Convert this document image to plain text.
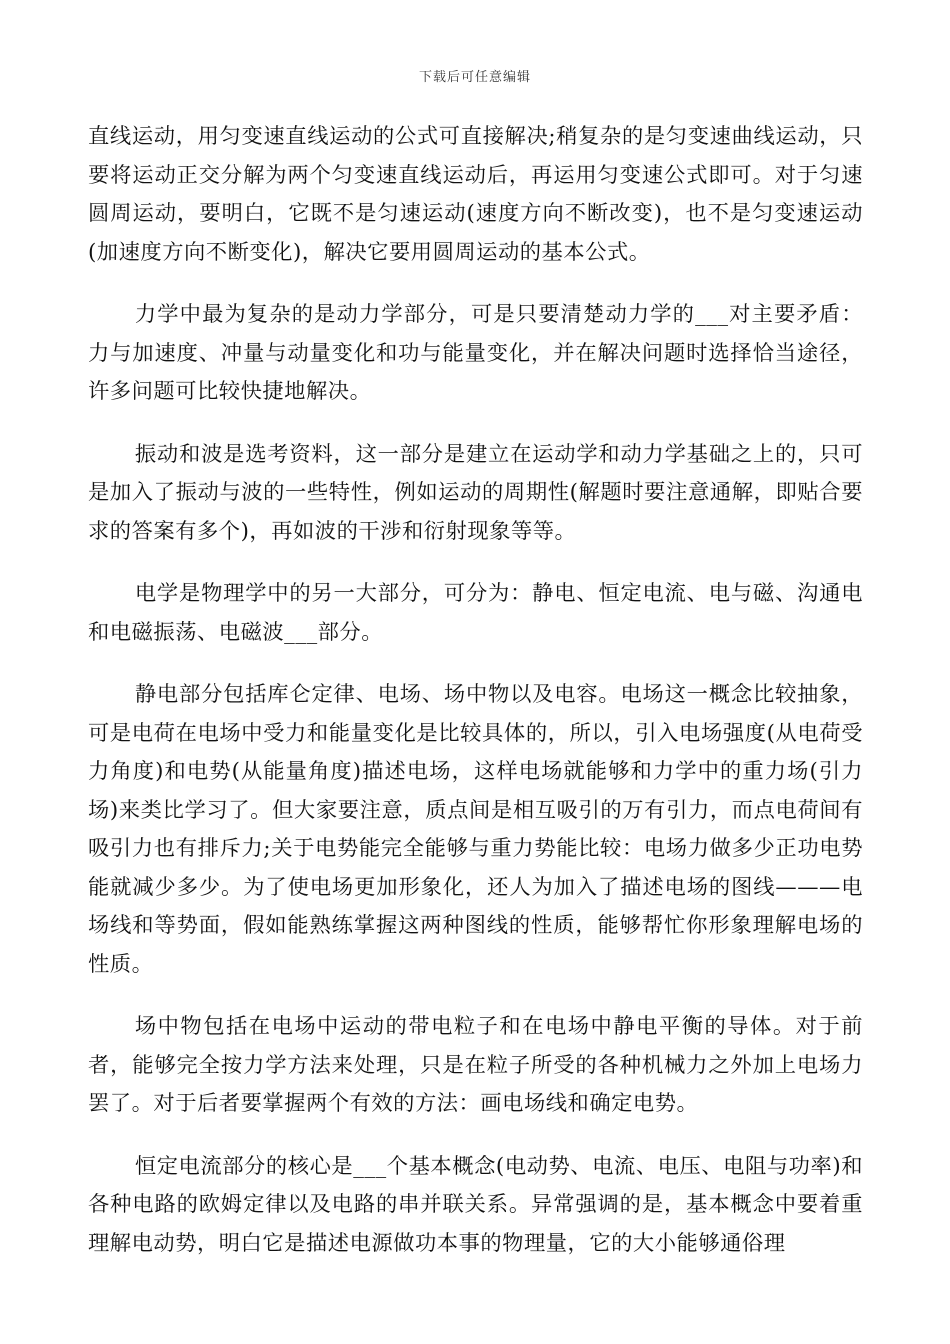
下载后可任意编辑

直线运动，用匀变速直线运动的公式可直接解决;稍复杂的是匀变速曲线运动，只要将运动正交分解为两个匀变速直线运动后，再运用匀变速公式即可。对于匀速圆周运动，要明白，它既不是匀速运动(速度方向不断改变)，也不是匀变速运动(加速度方向不断变化)，解决它要用圆周运动的基本公式。

力学中最为复杂的是动力学部分，可是只要清楚动力学的___对主要矛盾：力与加速度、冲量与动量变化和功与能量变化，并在解决问题时选择恰当途径，许多问题可比较快捷地解决。

振动和波是选考资料，这一部分是建立在运动学和动力学基础之上的，只可是加入了振动与波的一些特性，例如运动的周期性(解题时要注意通解，即贴合要求的答案有多个)，再如波的干涉和衍射现象等等。

电学是物理学中的另一大部分，可分为：静电、恒定电流、电与磁、沟通电和电磁振荡、电磁波___部分。

静电部分包括库仑定律、电场、场中物以及电容。电场这一概念比较抽象，可是电荷在电场中受力和能量变化是比较具体的，所以，引入电场强度(从电荷受力角度)和电势(从能量角度)描述电场，这样电场就能够和力学中的重力场(引力场)来类比学习了。但大家要注意，质点间是相互吸引的万有引力，而点电荷间有吸引力也有排斥力;关于电势能完全能够与重力势能比较：电场力做多少正功电势能就减少多少。为了使电场更加形象化，还人为加入了描述电场的图线———电场线和等势面，假如能熟练掌握这两种图线的性质，能够帮忙你形象理解电场的性质。

场中物包括在电场中运动的带电粒子和在电场中静电平衡的导体。对于前者，能够完全按力学方法来处理，只是在粒子所受的各种机械力之外加上电场力罢了。对于后者要掌握两个有效的方法：画电场线和确定电势。

恒定电流部分的核心是___个基本概念(电动势、电流、电压、电阻与功率)和各种电路的欧姆定律以及电路的串并联关系。异常强调的是，基本概念中要着重理解电动势，明白它是描述电源做功本事的物理量，它的大小能够通俗理
